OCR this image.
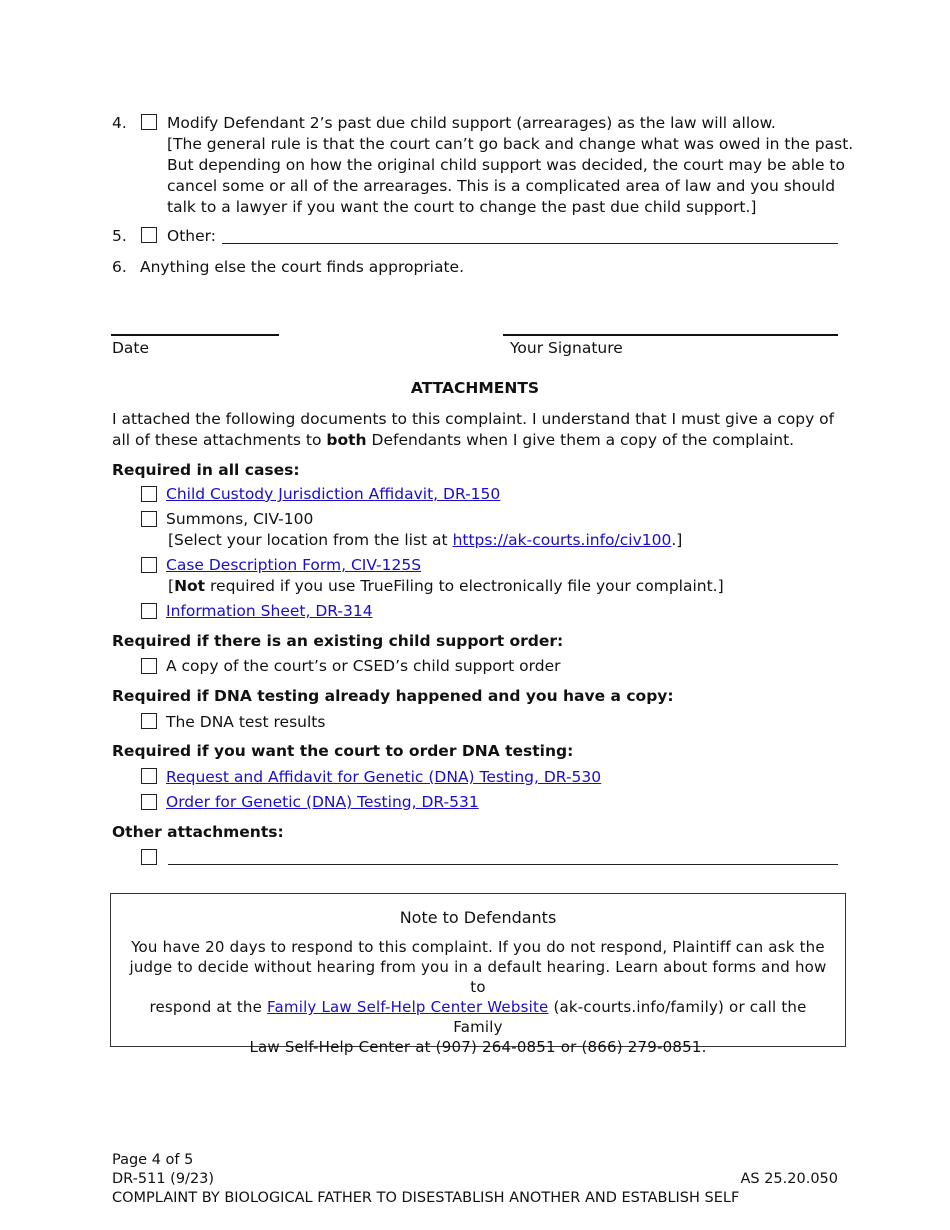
4.	Modify Defendant 2’s past due child support (arrearages) as the law will allow.
[The general rule is that the court can’t go back and change what was owed in the past.
But depending on how the original child support was decided, the court may be able to
cancel some or all of the arrearages. This is a complicated area of law and you should
talk to a lawyer if you want the court to change the past due child support.]
5.	Other:
6. Anything else the court finds appropriate.
Date	Your Signature
ATTACHMENTS
I attached the following documents to this complaint. I understand that I must give a copy of
all of these attachments to both Defendants when I give them a copy of the complaint.
Required in all cases:
Child Custody Jurisdiction Affidavit, DR-150
Summons, CIV-100
[Select your location from the list at https://ak-courts.info/civ100.]
Case Description Form, CIV-125S
[Not required if you use TrueFiling to electronically file your complaint.]
Information Sheet, DR-314
Required if there is an existing child support order:
A copy of the court’s or CSED’s child support order
Required if DNA testing already happened and you have a copy:
The DNA test results
Required if you want the court to order DNA testing:
Request and Affidavit for Genetic (DNA) Testing, DR-530
Order for Genetic (DNA) Testing, DR-531
Other attachments:
Note to Defendants
You have 20 days to respond to this complaint. If you do not respond, Plaintiff can ask the
judge to decide without hearing from you in a default hearing. Learn about forms and how to
respond at the Family Law Self-Help Center Website (ak-courts.info/family) or call the Family
Law Self-Help Center at (907) 264-0851 or (866) 279-0851.
Page 4 of 5
DR-511 (9/23)	AS 25.20.050
COMPLAINT BY BIOLOGICAL FATHER TO DISESTABLISH ANOTHER AND ESTABLISH SELF
